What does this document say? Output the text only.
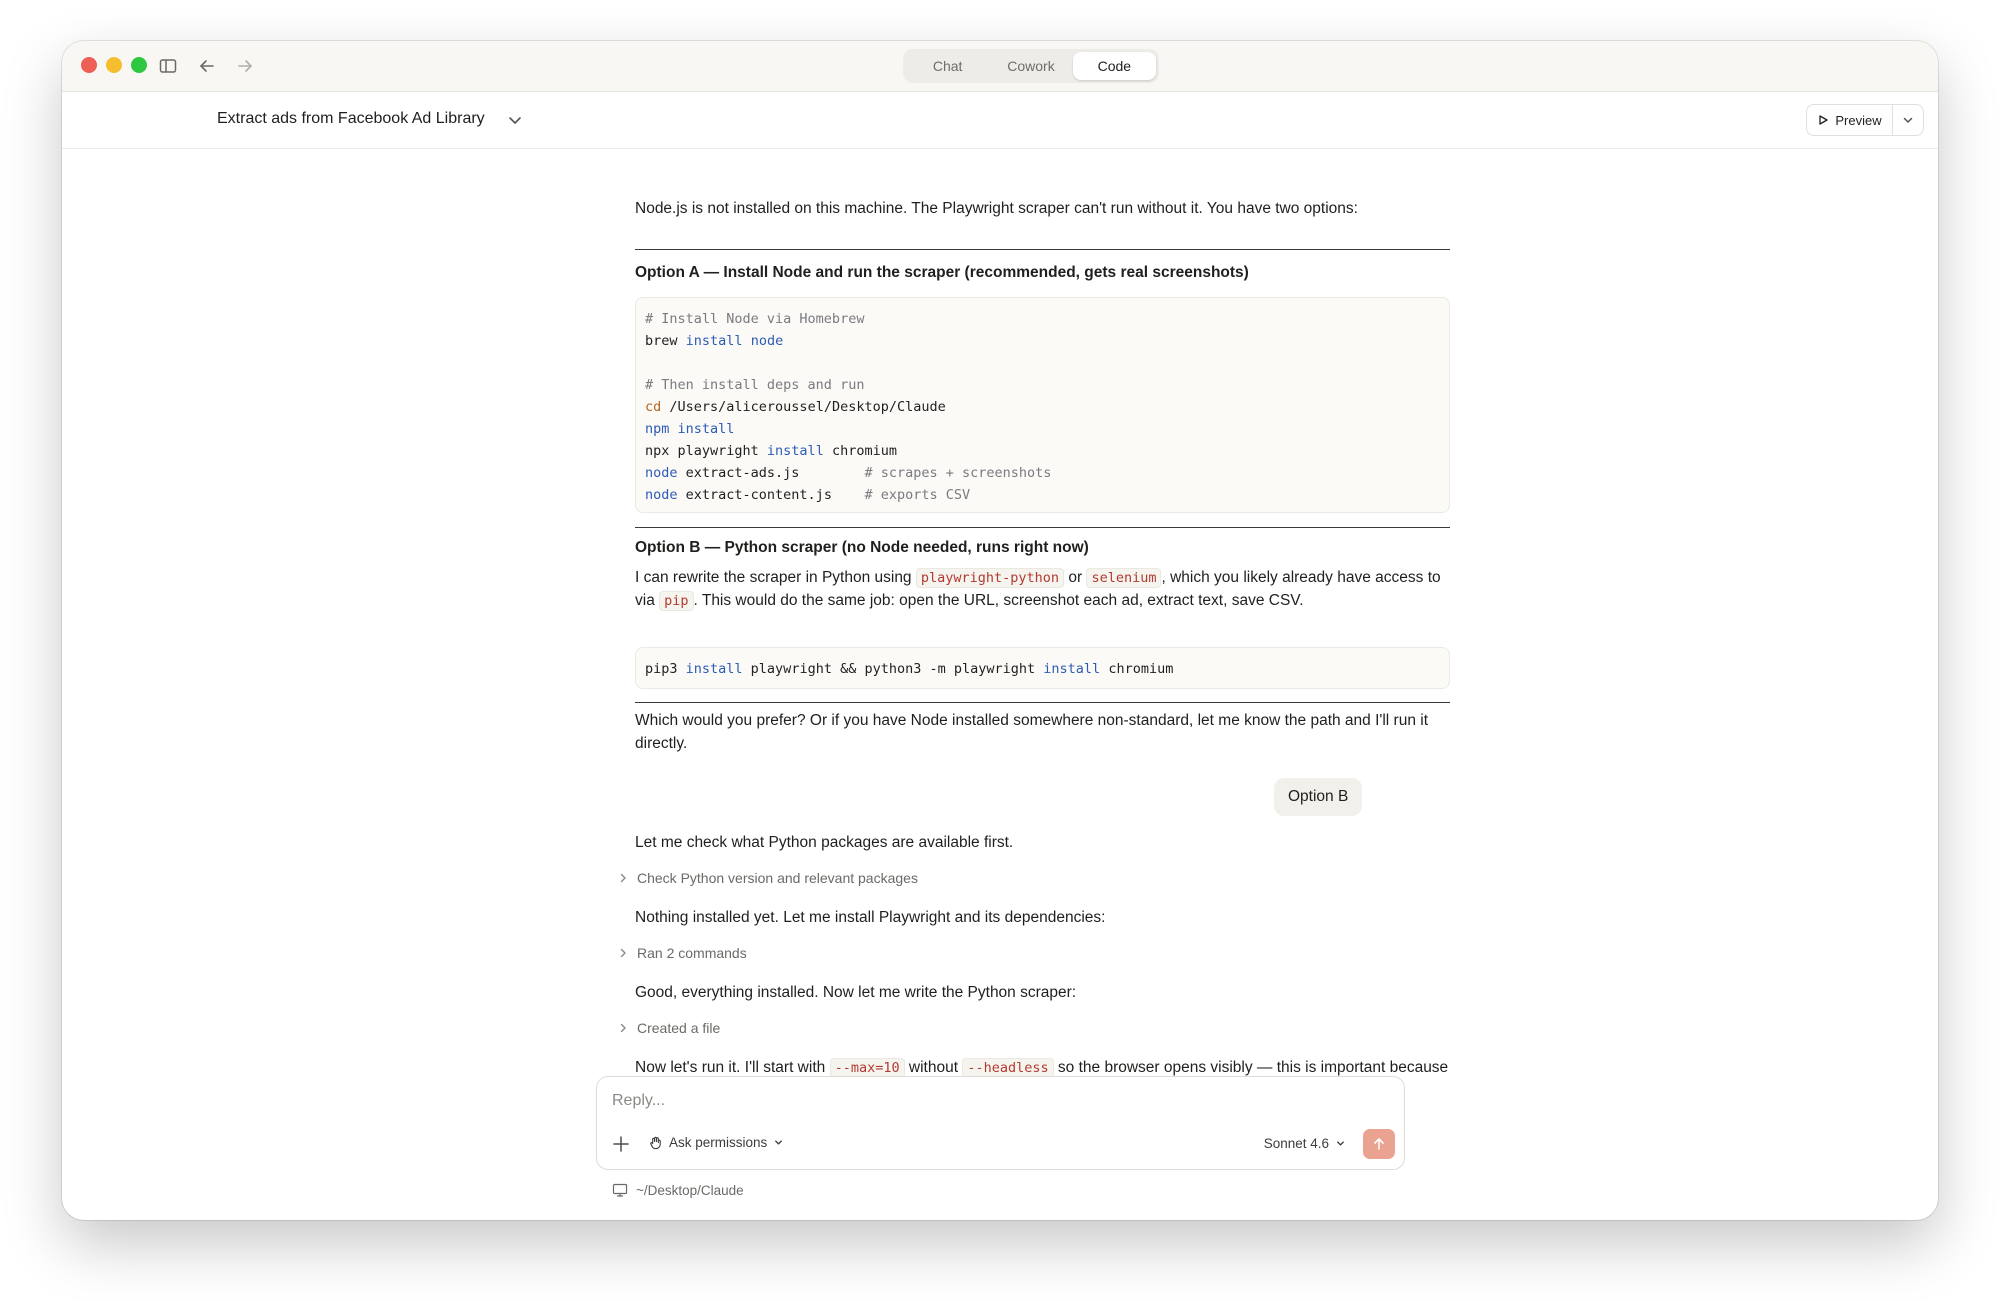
Chat	Cowork	Code
Extract ads from Facebook Ad Library	Preview

Node.js is not installed on this machine. The Playwright scraper can't run without it. You have two options:

Option A — Install Node and run the scraper (recommended, gets real screenshots)
# Install Node via Homebrew
brew install node
# Then install deps and run
cd /Users/aliceroussel/Desktop/Claude
npm install
npx playwright install chromium
node extract-ads.js        # scrapes + screenshots
node extract-content.js    # exports CSV
Option B — Python scraper (no Node needed, runs right now)

I can rewrite the scraper in Python using playwright-python or selenium , which you likely already have access to via pip . This would do the same job: open the URL, screenshot each ad, extract text, save CSV.

pip3 install playwright && python3 -m playwright install chromium

Which would you prefer? Or if you have Node installed somewhere non-standard, let me know the path and I'll run it directly.

Option B

Let me check what Python packages are available first.

Check Python version and relevant packages

Nothing installed yet. Let me install Playwright and its dependencies:

Ran 2 commands

Good, everything installed. Now let me write the Python scraper:

Created a file

Now let's run it. I'll start with --max=10 without --headless so the browser opens visibly — this is important because

Reply...
Ask permissions	Sonnet 4.6
~/Desktop/Claude
